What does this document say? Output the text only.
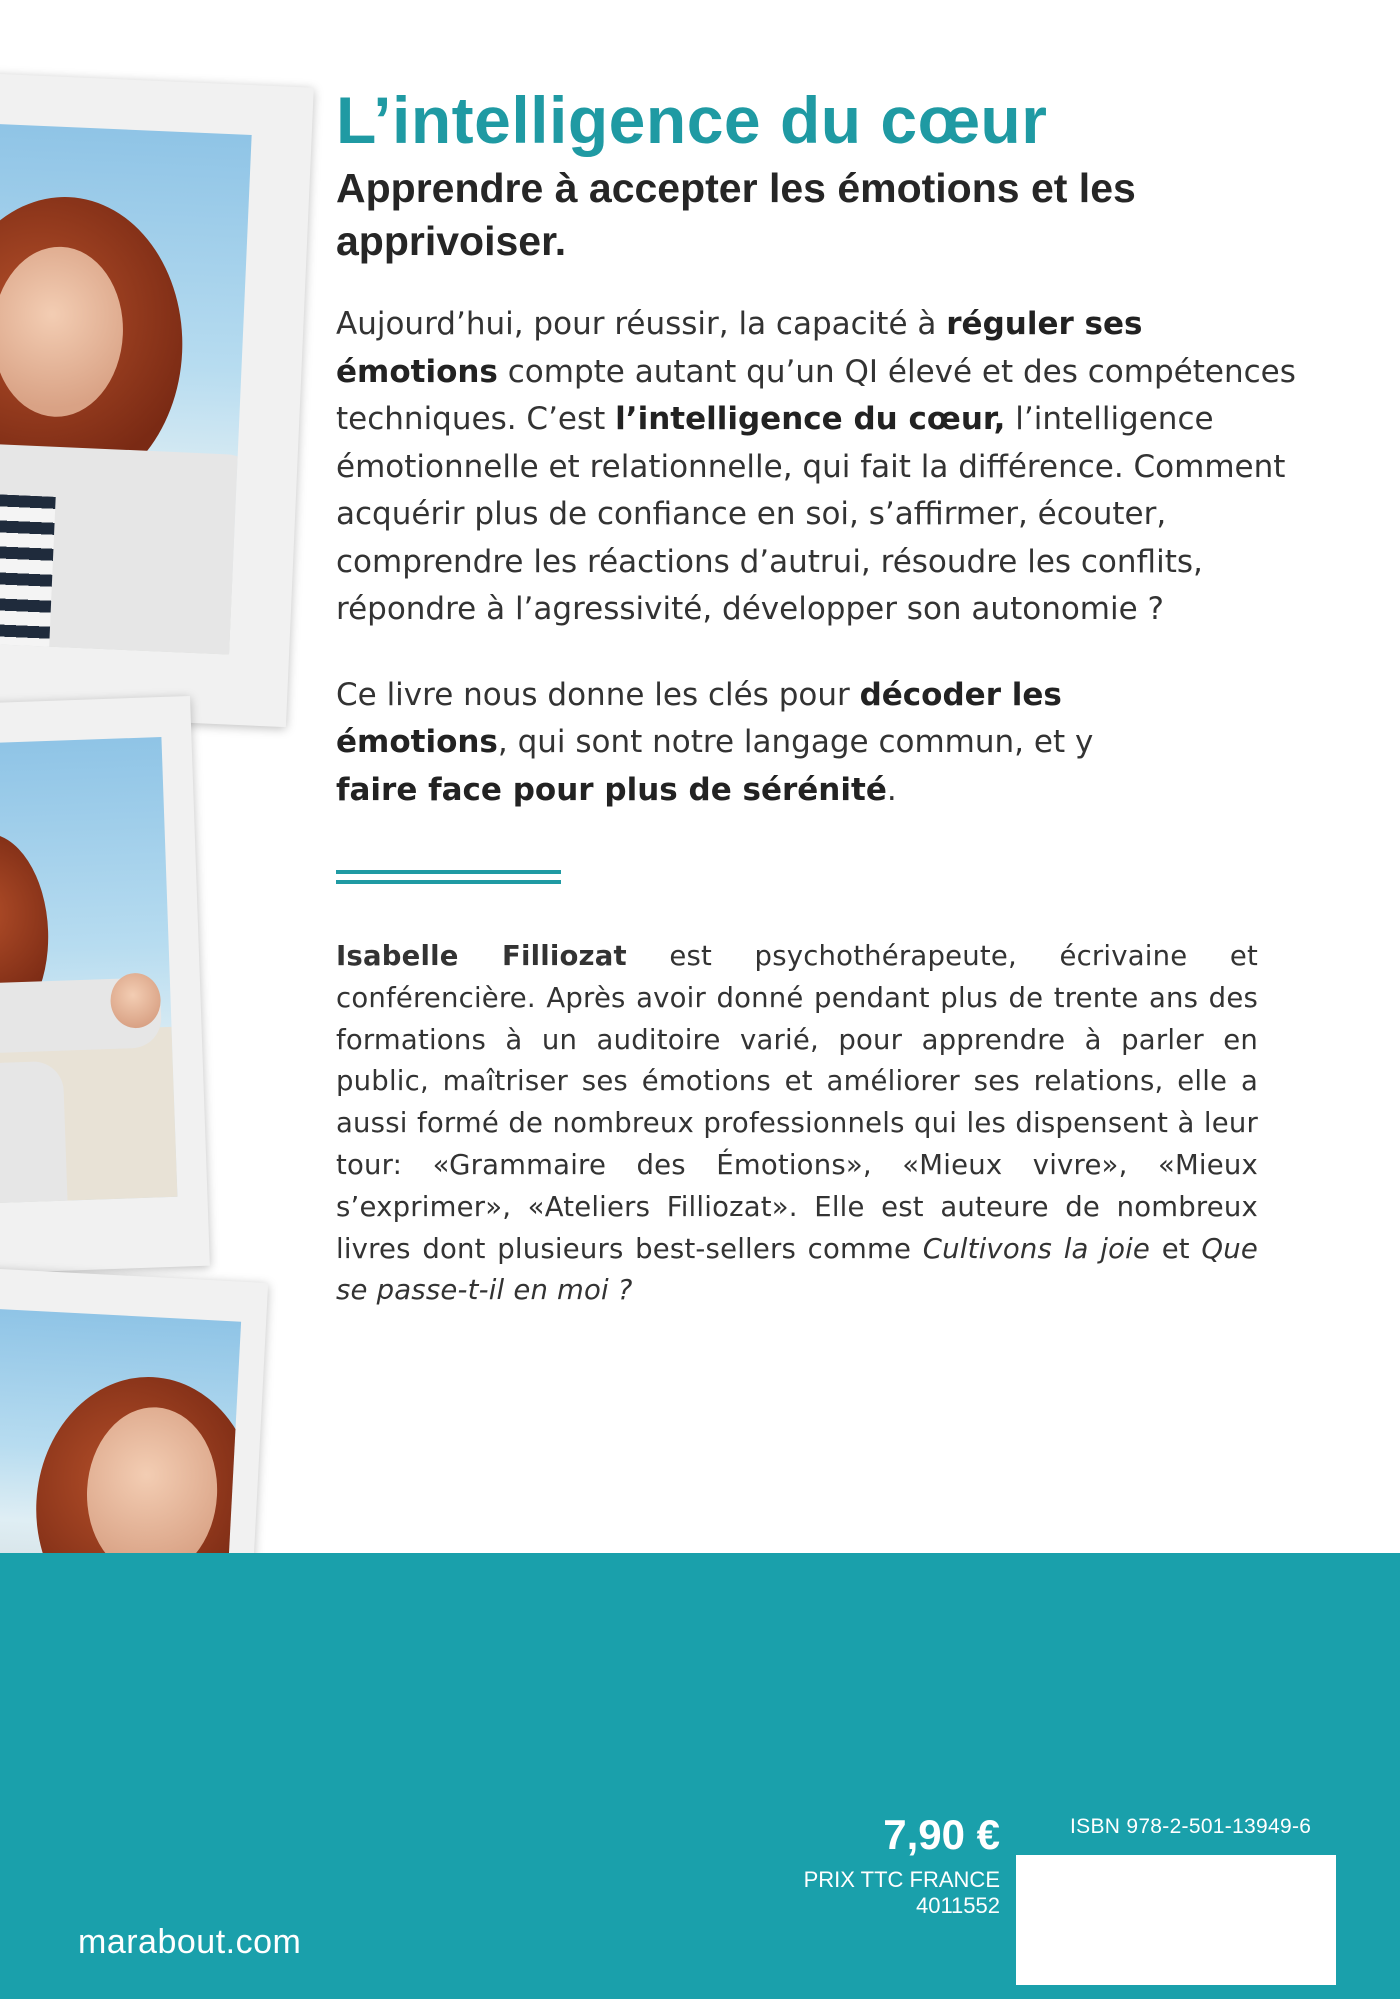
L’intelligence du cœur
Apprendre à accepter les émotions et les apprivoiser.

Aujourd’hui, pour réussir, la capacité à réguler ses émotions compte autant qu’un QI élevé et des compétences techniques. C’est l’intelligence du cœur, l’intelligence émotionnelle et relationnelle, qui fait la différence. Comment acquérir plus de confiance en soi, s’affirmer, écouter, comprendre les réactions d’autrui, résoudre les conflits, répondre à l’agressivité, développer son autonomie ?

Ce livre nous donne les clés pour décoder les émotions, qui sont notre langage commun, et y faire face pour plus de sérénité.

Isabelle Filliozat est psychothérapeute, écrivaine et conférencière. Après avoir donné pendant plus de trente ans des formations à un auditoire varié, pour apprendre à parler en public, maîtriser ses émotions et améliorer ses relations, elle a aussi formé de nombreux professionnels qui les dispensent à leur tour: «Grammaire des Émotions», «Mieux vivre», «Mieux s’exprimer», «Ateliers Filliozat». Elle est auteure de nombreux livres dont plusieurs best-sellers comme Cultivons la joie et Que se passe-t-il en moi ?

marabout.com
7,90 €
PRIX TTC FRANCE
4011552
ISBN 978-2-501-13949-6
